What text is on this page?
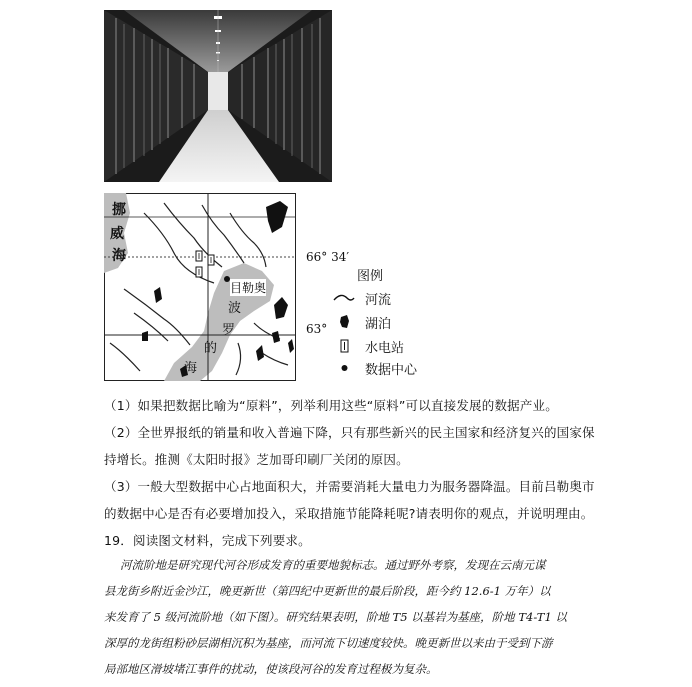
挪
威
海
波
罗
的
海
目勒奥
66° 34′
63°
图例
河流
湖泊
水电站
数据中心
（1）如果把数据比喻为“原料”，列举利用这些“原料”可以直接发展的数据产业。
（2）全世界报纸的销量和收入普遍下降，只有那些新兴的民主国家和经济复兴的国家保
持增长。推测《太阳时报》芝加哥印刷厂关闭的原因。
（3）一般大型数据中心占地面积大，并需要消耗大量电力为服务器降温。目前吕勒奥市
的数据中心是否有必要增加投入，采取措施节能降耗呢?请表明你的观点，并说明理由。
19．阅读图文材料，完成下列要求。
河流阶地是研究现代河谷形成发育的重要地貌标志。通过野外考察，发现在云南元谋
县龙街乡附近金沙江，晚更新世（第四纪中更新世的最后阶段，距今约 12.6-1 万年）以
来发育了 5 级河流阶地（如下图）。研究结果表明，阶地 T5 以基岩为基座，阶地 T4-T1 以
深厚的龙街组粉砂层湖相沉积为基座，而河流下切速度较快。晚更新世以来由于受到下游
局部地区滑坡堵江事件的扰动，使该段河谷的发育过程极为复杂。
